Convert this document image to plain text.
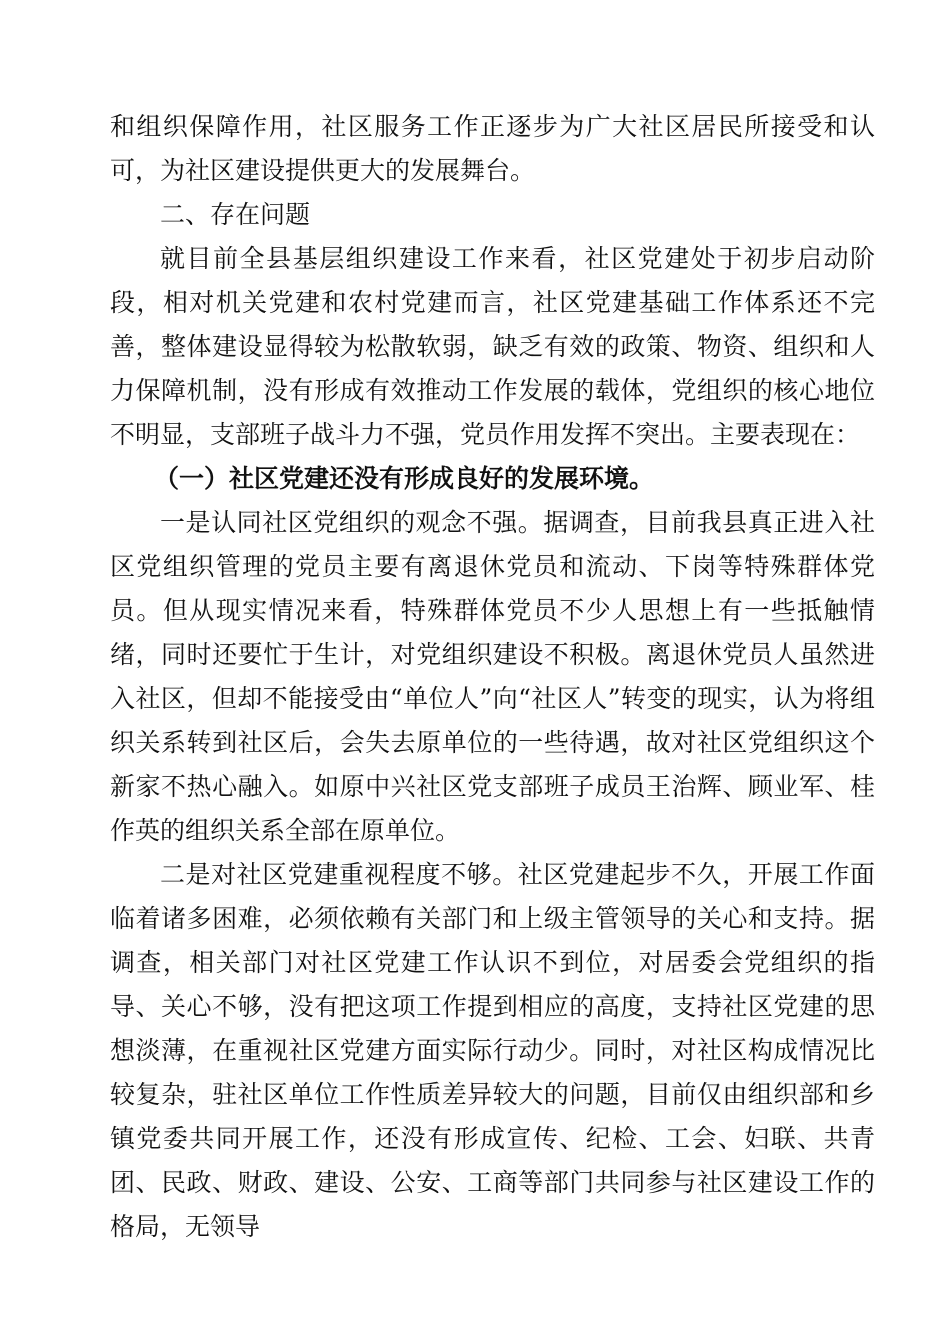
和组织保障作用，社区服务工作正逐步为广大社区居民所接受和认可，为社区建设提供更大的发展舞台。

二、存在问题

就目前全县基层组织建设工作来看，社区党建处于初步启动阶段，相对机关党建和农村党建而言，社区党建基础工作体系还不完善，整体建设显得较为松散软弱，缺乏有效的政策、物资、组织和人力保障机制，没有形成有效推动工作发展的载体，党组织的核心地位不明显，支部班子战斗力不强，党员作用发挥不突出。主要表现在：

（一）社区党建还没有形成良好的发展环境。

一是认同社区党组织的观念不强。据调查，目前我县真正进入社区党组织管理的党员主要有离退休党员和流动、下岗等特殊群体党员。但从现实情况来看，特殊群体党员不少人思想上有一些抵触情绪，同时还要忙于生计，对党组织建设不积极。离退休党员人虽然进入社区，但却不能接受由“单位人”向“社区人”转变的现实，认为将组织关系转到社区后，会失去原单位的一些待遇，故对社区党组织这个新家不热心融入。如原中兴社区党支部班子成员王治辉、顾业军、桂作英的组织关系全部在原单位。

二是对社区党建重视程度不够。社区党建起步不久，开展工作面临着诸多困难，必须依赖有关部门和上级主管领导的关心和支持。据调查，相关部门对社区党建工作认识不到位，对居委会党组织的指导、关心不够，没有把这项工作提到相应的高度，支持社区党建的思想淡薄，在重视社区党建方面实际行动少。同时，对社区构成情况比较复杂，驻社区单位工作性质差异较大的问题，目前仅由组织部和乡镇党委共同开展工作，还没有形成宣传、纪检、工会、妇联、共青团、民政、财政、建设、公安、工商等部门共同参与社区建设工作的格局，无领导
